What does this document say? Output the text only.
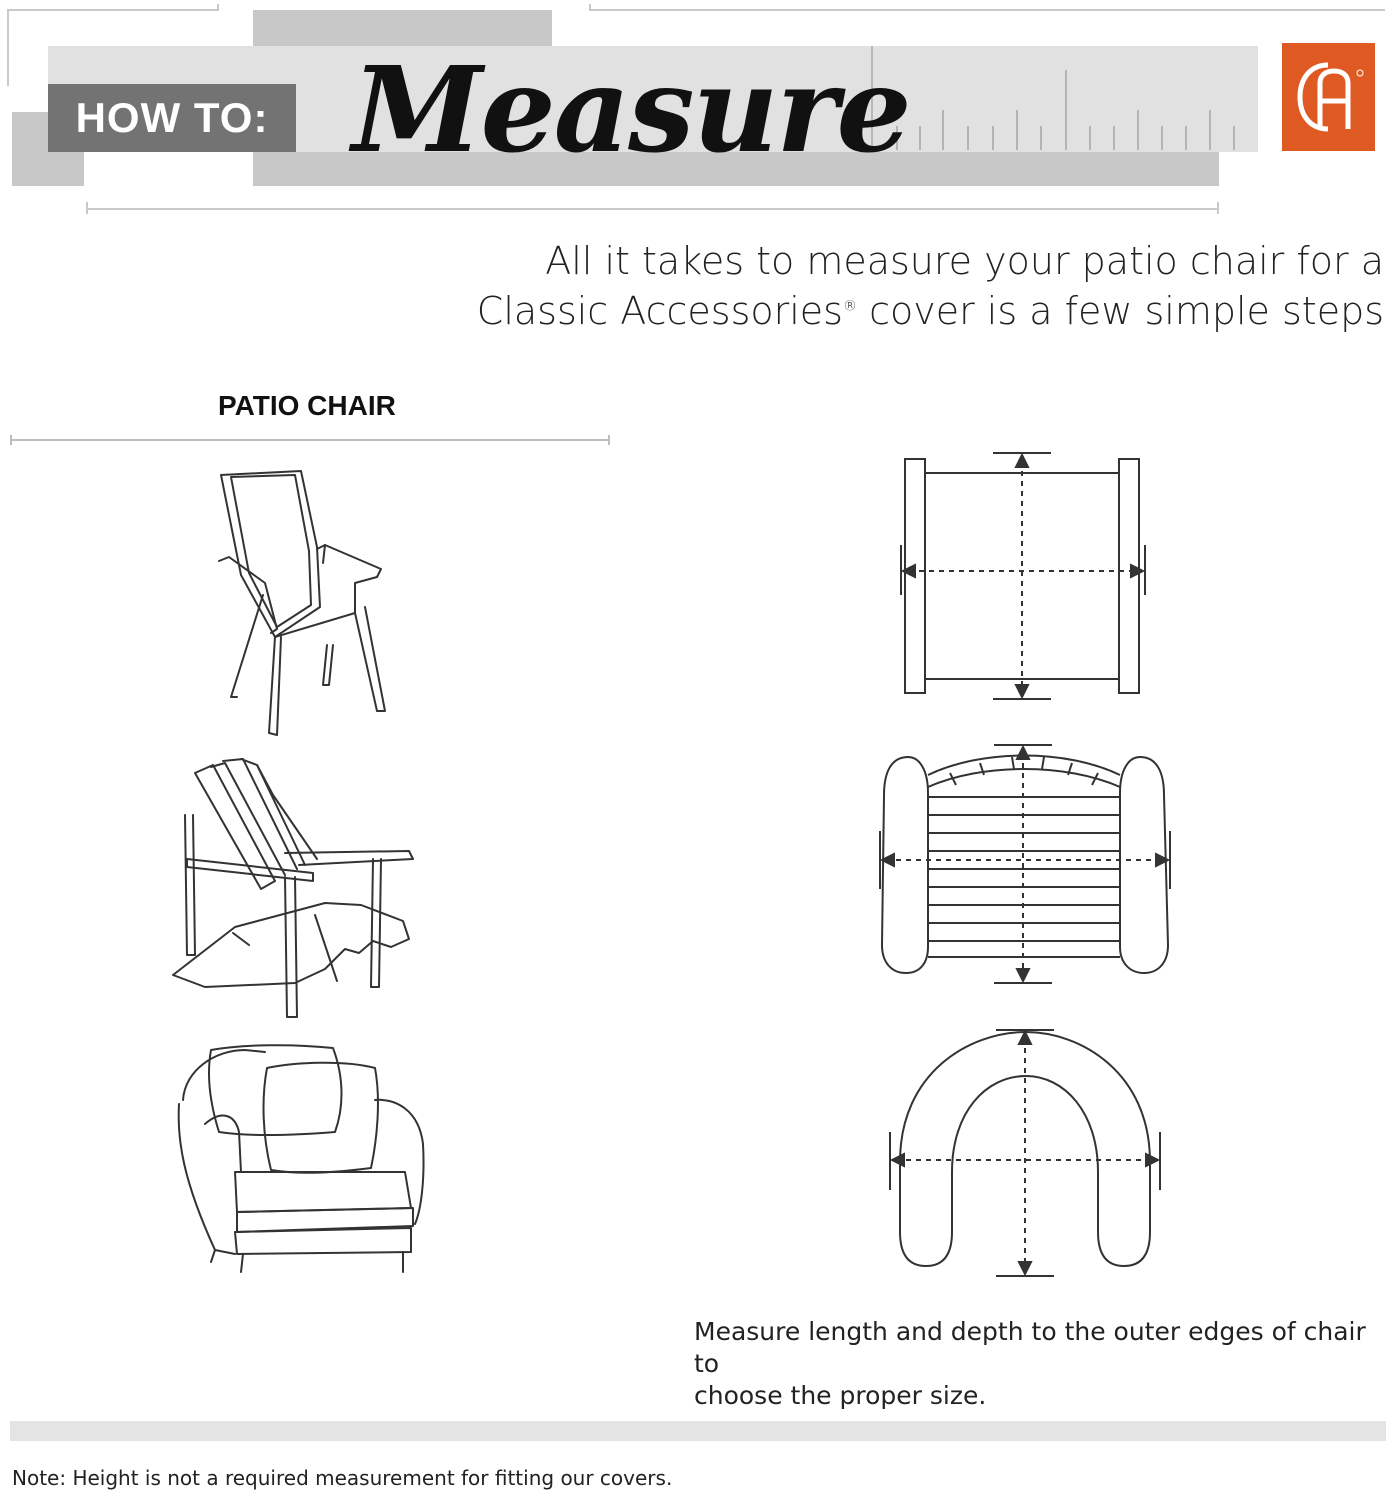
HOW TO: Measure
All it takes to measure your patio chair for a
Classic Accessories® cover is a few simple steps
PATIO CHAIR
Measure length and depth to the outer edges of chair to
choose the proper size.
Note: Height is not a required measurement for fitting our covers.
